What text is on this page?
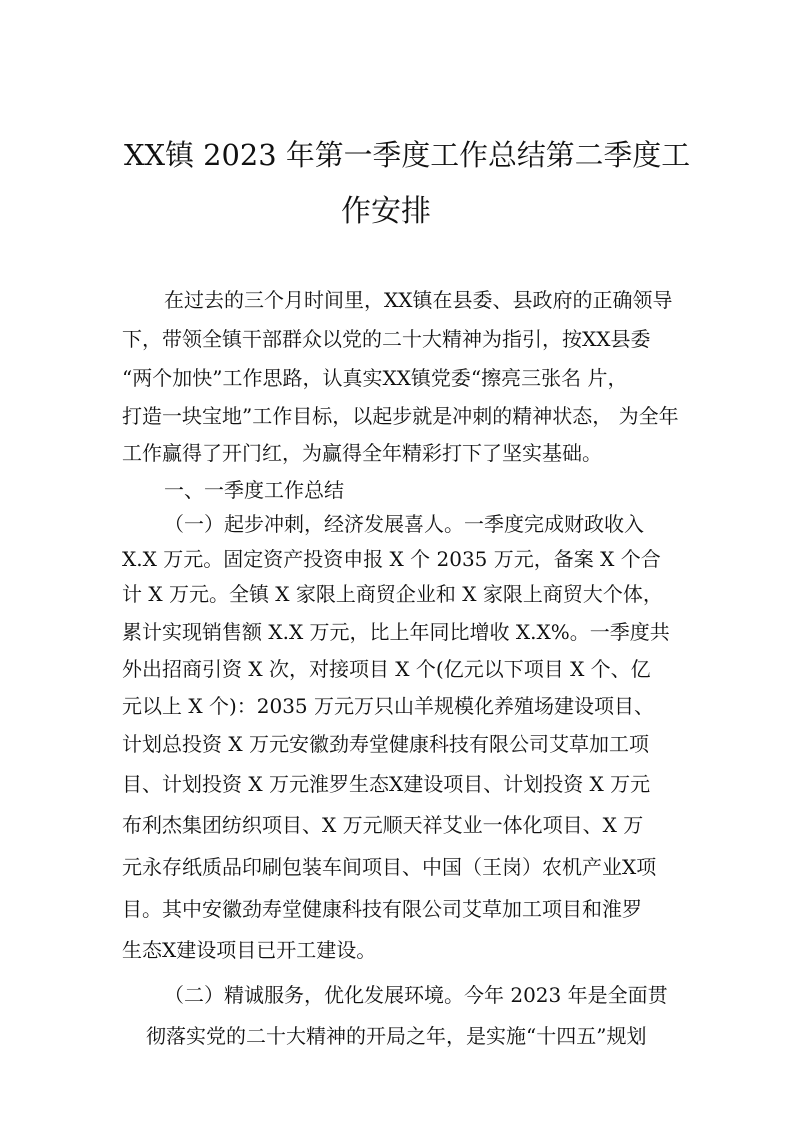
XX镇 2023 年第一季度工作总结第二季度工
作安排
在过去的三个月时间里，XX镇在县委、县政府的正确领导
下，带领全镇干部群众以党的二十大精神为指引，按XX县委
“两个加快”工作思路，认真实XX镇党委“擦亮三张名 片，
打造一块宝地”工作目标，以起步就是冲刺的精神状态， 为全年
工作赢得了开门红，为赢得全年精彩打下了坚实基础。
一、一季度工作总结
（一）起步冲刺，经济发展喜人。一季度完成财政收入
X.X 万元。固定资产投资申报 X 个 2035 万元，备案 X 个合
计 X 万元。全镇 X 家限上商贸企业和 X 家限上商贸大个体，
累计实现销售额 X.X 万元，比上年同比增收 X.X%。一季度共
外出招商引资 X 次，对接项目 X 个(亿元以下项目 X 个、亿
元以上 X 个)：2035 万元万只山羊规模化养殖场建设项目、
计划总投资 X 万元安徽劲寿堂健康科技有限公司艾草加工项
目、计划投资 X 万元淮罗生态X建设项目、计划投资 X 万元
布利杰集团纺织项目、X 万元顺天祥艾业一体化项目、X 万
元永存纸质品印刷包装车间项目、中国（王岗）农机产业X项
目。其中安徽劲寿堂健康科技有限公司艾草加工项目和淮罗
生态X建设项目已开工建设。
（二）精诚服务，优化发展环境。今年 2023 年是全面贯
彻落实党的二十大精神的开局之年，是实施“十四五”规划
